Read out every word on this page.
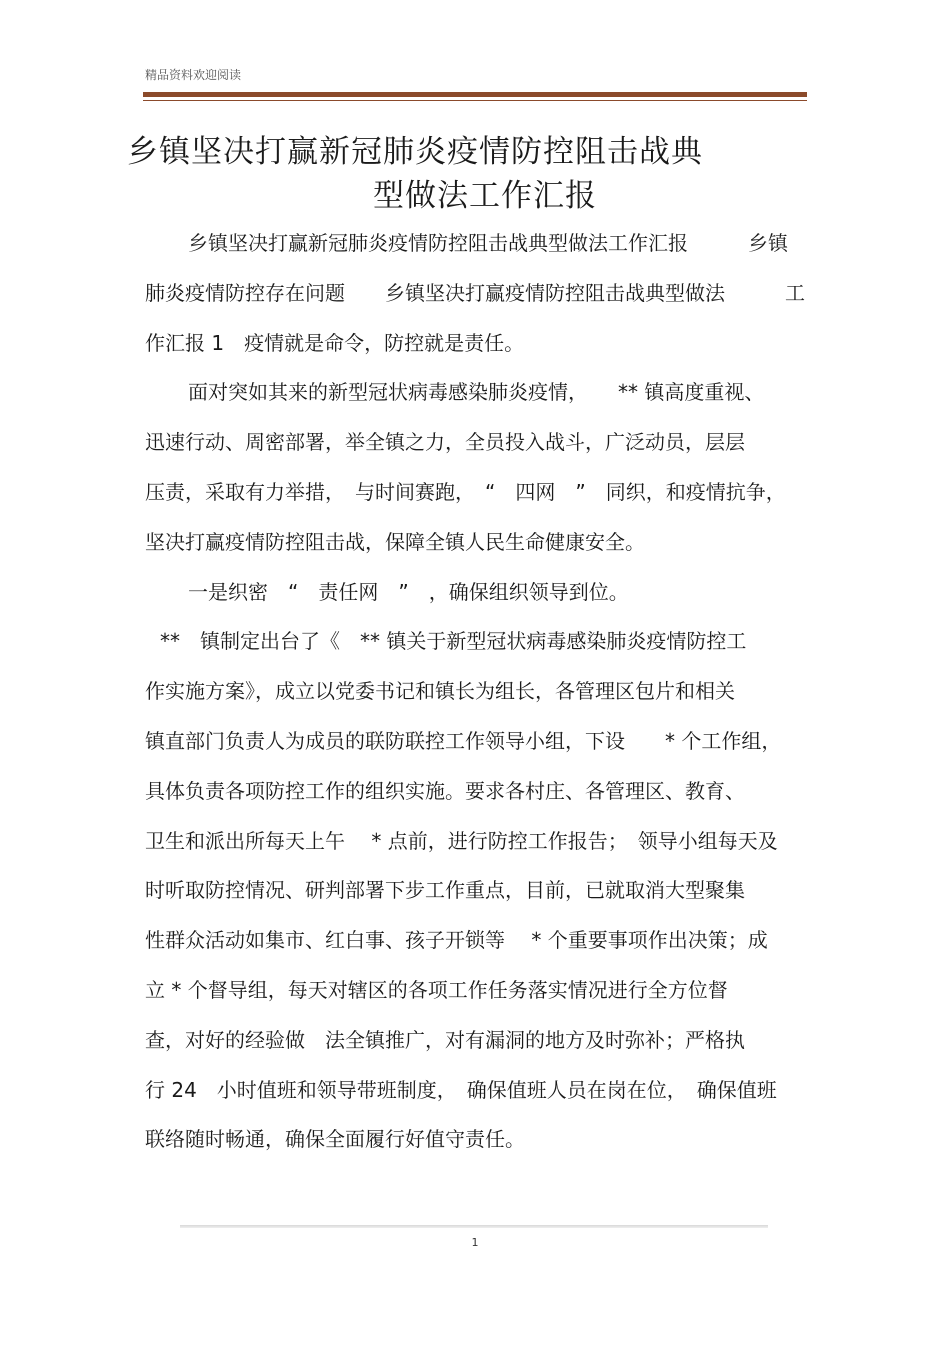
精品资料欢迎阅读
乡镇坚决打赢新冠肺炎疫情防控阻击战典
型做法工作汇报
乡镇坚决打赢新冠肺炎疫情防控阻击战典型做法工作汇报　　　乡镇
肺炎疫情防控存在问题　　乡镇坚决打赢疫情防控阻击战典型做法　　　工
作汇报 1　疫情就是命令，防控就是责任。
面对突如其来的新型冠状病毒感染肺炎疫情，　　** 镇高度重视、
迅速行动、周密部署，举全镇之力，全员投入战斗，广泛动员，层层
压责，采取有力举措，　与时间赛跑，　“　四网　”　同织，和疫情抗争，
坚决打赢疫情防控阻击战，保障全镇人民生命健康安全。
一是织密　“　责任网　”　，确保组织领导到位。
**　镇制定出台了《　** 镇关于新型冠状病毒感染肺炎疫情防控工
作实施方案》，成立以党委书记和镇长为组长，各管理区包片和相关
镇直部门负责人为成员的联防联控工作领导小组，下设　　* 个工作组，
具体负责各项防控工作的组织实施。要求各村庄、各管理区、教育、
卫生和派出所每天上午　 * 点前，进行防控工作报告；　领导小组每天及
时听取防控情况、研判部署下步工作重点，目前，已就取消大型聚集
性群众活动如集市、红白事、孩子开锁等　 * 个重要事项作出决策；成
立 * 个督导组，每天对辖区的各项工作任务落实情况进行全方位督
查，对好的经验做　法全镇推广，对有漏洞的地方及时弥补；严格执
行 24　小时值班和领导带班制度，　确保值班人员在岗在位，　确保值班
联络随时畅通，确保全面履行好值守责任。
1
